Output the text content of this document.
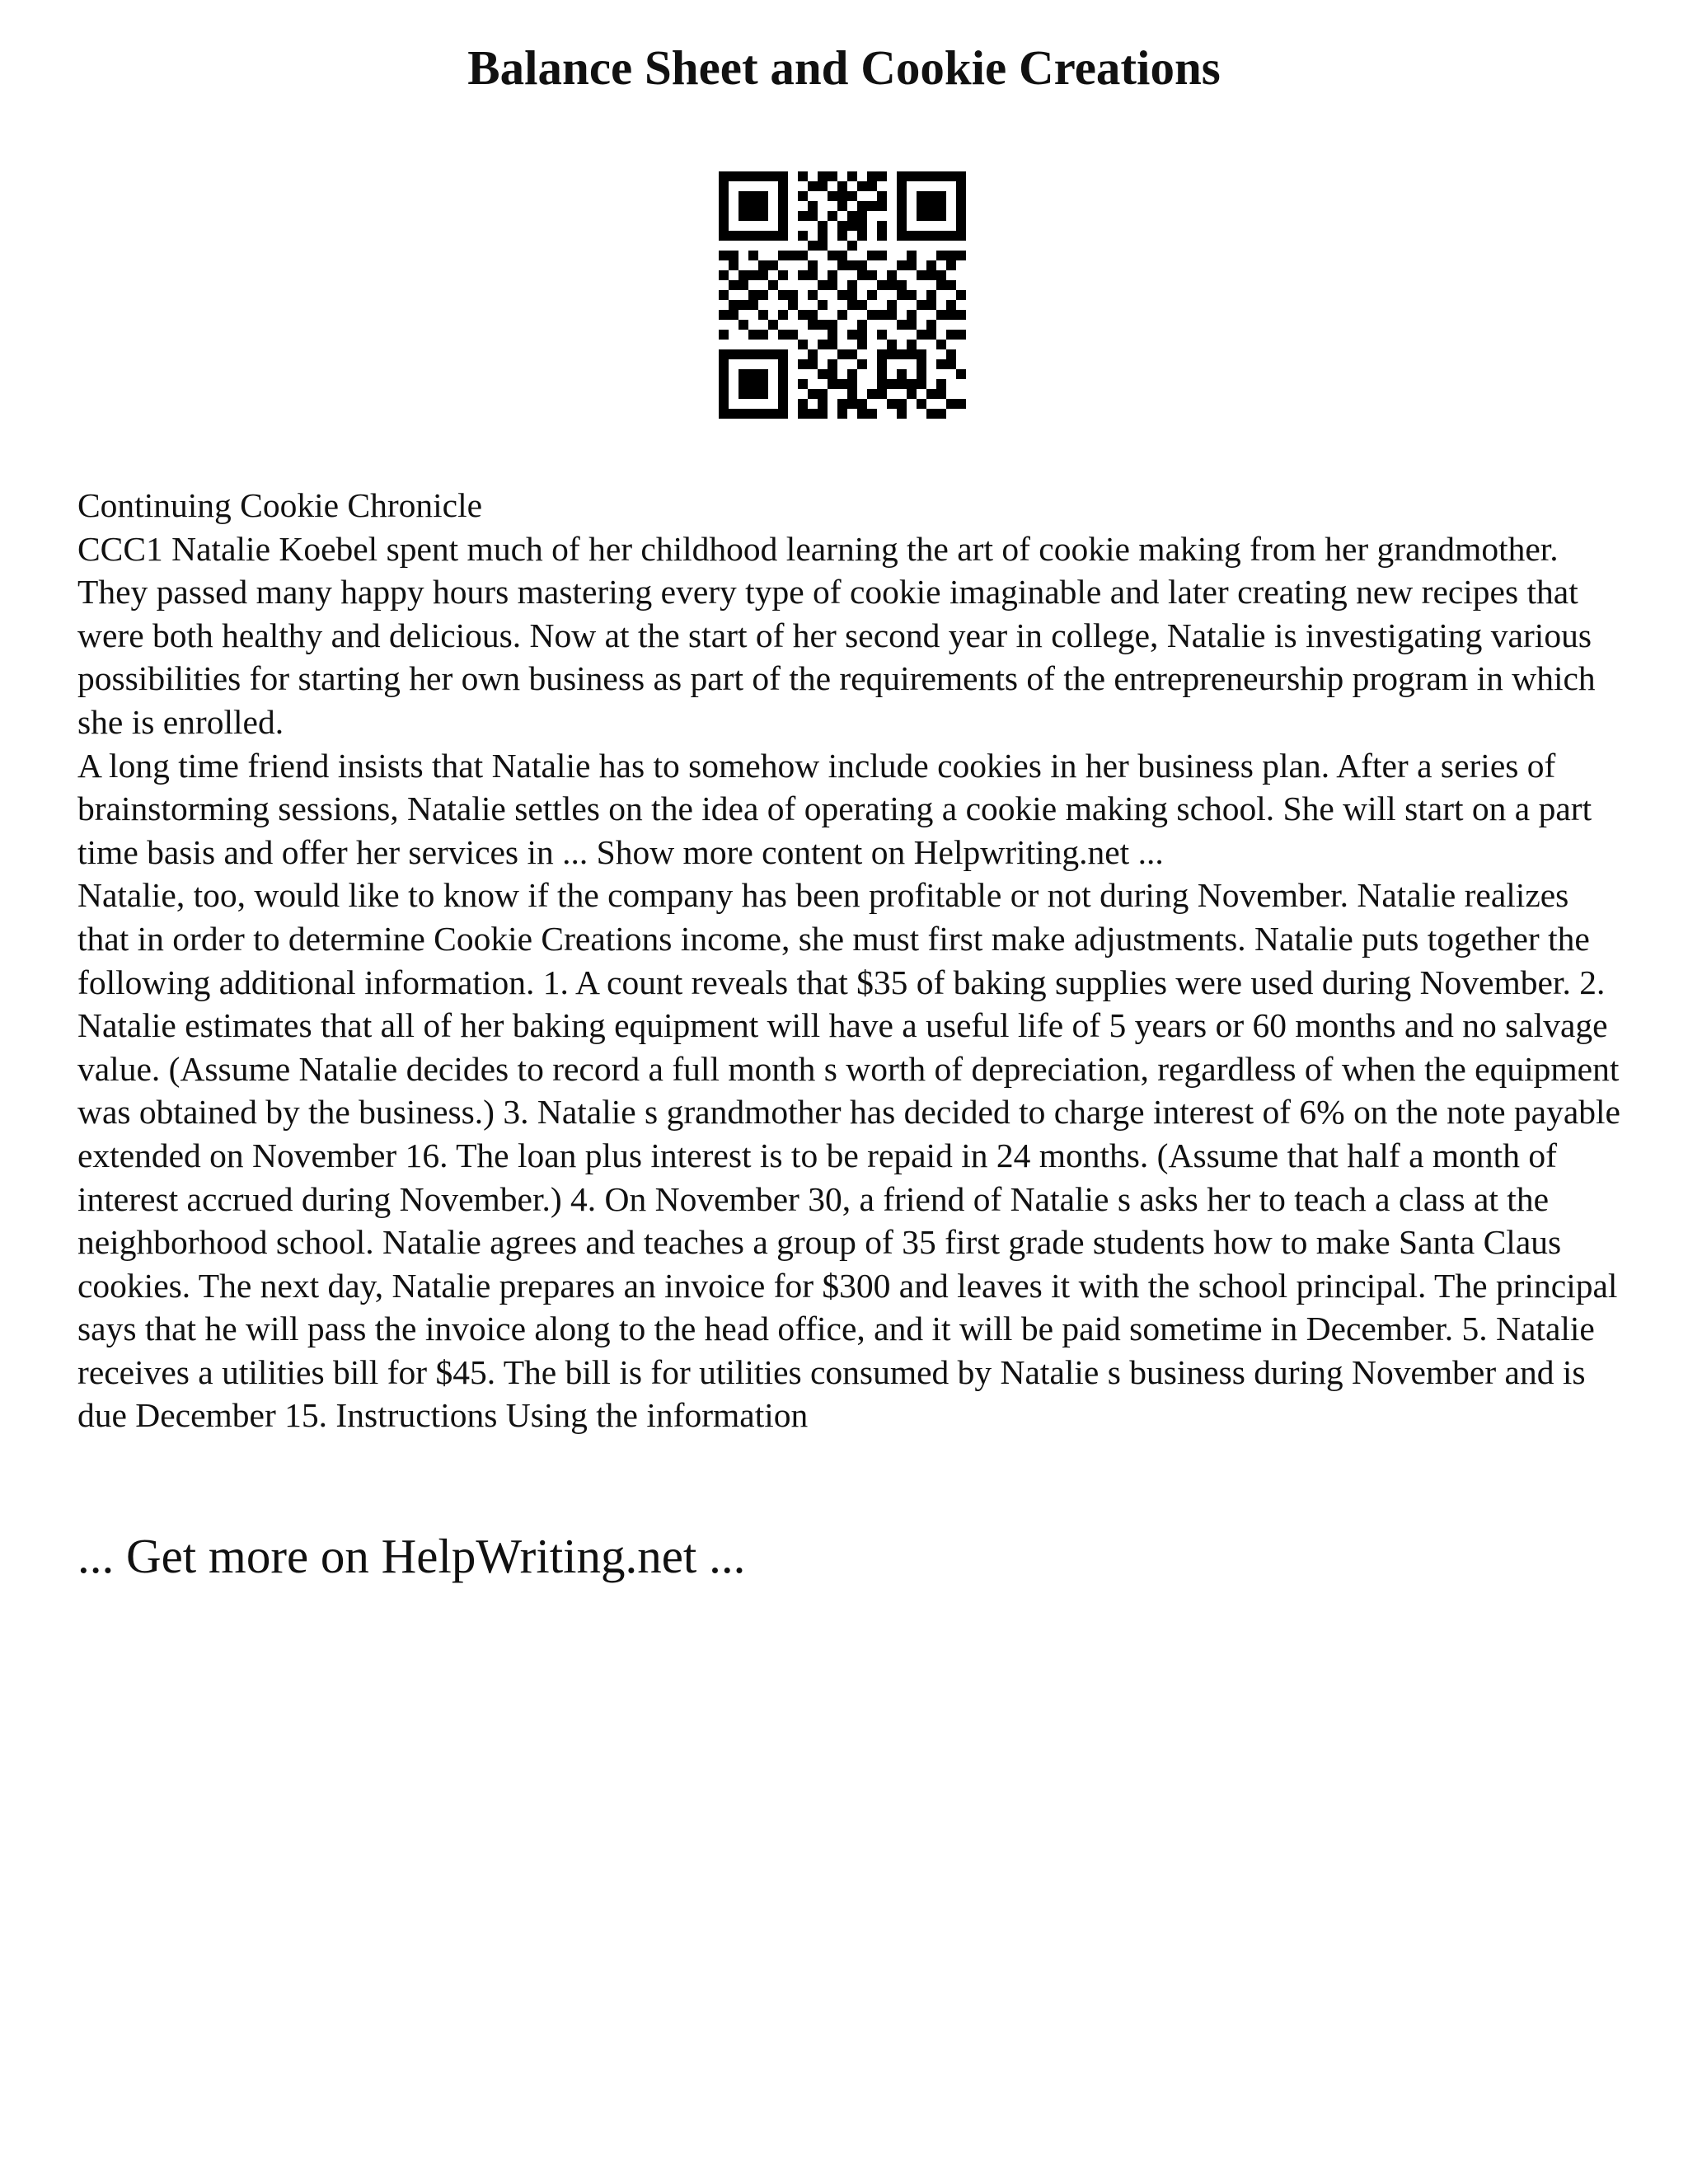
Balance Sheet and Cookie Creations

Continuing Cookie Chronicle

CCC1 Natalie Koebel spent much of her childhood learning the art of cookie making from her grandmother. They passed many happy hours mastering every type of cookie imaginable and later creating new recipes that were both healthy and delicious. Now at the start of her second year in college, Natalie is investigating various possibilities for starting her own business as part of the requirements of the entrepreneurship program in which she is enrolled.

A long time friend insists that Natalie has to somehow include cookies in her business plan. After a series of brainstorming sessions, Natalie settles on the idea of operating a cookie making school. She will start on a part time basis and offer her services in ... Show more content on Helpwriting.net ...

Natalie, too, would like to know if the company has been profitable or not during November. Natalie realizes that in order to determine Cookie Creations income, she must first make adjustments. Natalie puts together the following additional information. 1. A count reveals that $35 of baking supplies were used during November. 2. Natalie estimates that all of her baking equipment will have a useful life of 5 years or 60 months and no salvage value. (Assume Natalie decides to record a full month s worth of depreciation, regardless of when the equipment was obtained by the business.) 3. Natalie s grandmother has decided to charge interest of 6% on the note payable extended on November 16. The loan plus interest is to be repaid in 24 months. (Assume that half a month of interest accrued during November.) 4. On November 30, a friend of Natalie s asks her to teach a class at the neighborhood school. Natalie agrees and teaches a group of 35 first grade students how to make Santa Claus cookies. The next day, Natalie prepares an invoice for $300 and leaves it with the school principal. The principal says that he will pass the invoice along to the head office, and it will be paid sometime in December. 5. Natalie receives a utilities bill for $45. The bill is for utilities consumed by Natalie s business during November and is due December 15. Instructions Using the information

... Get more on HelpWriting.net ...
